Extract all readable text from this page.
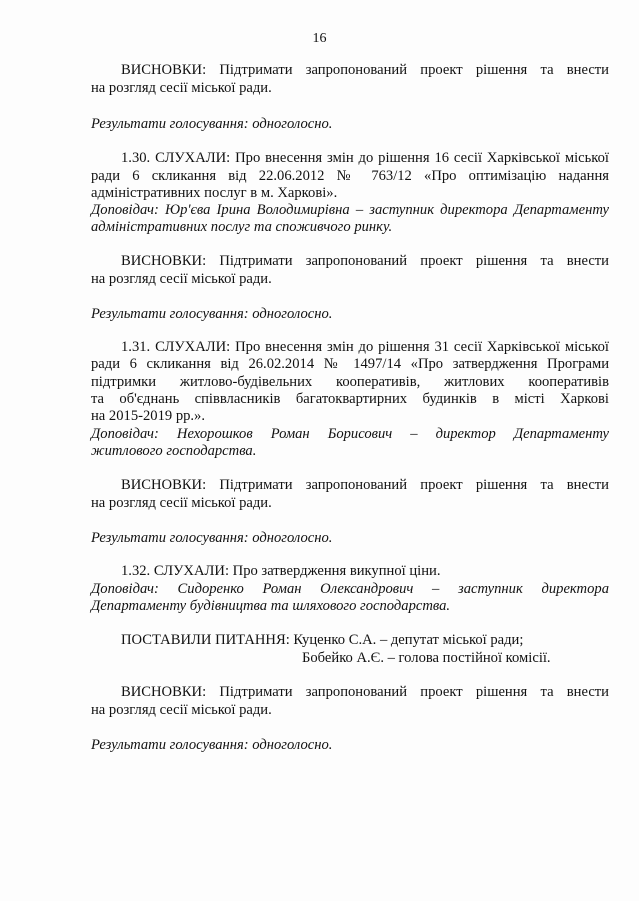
16
ВИСНОВКИ: Підтримати запропонований проект рішення та внести
на розгляд сесії міської ради.
Результати голосування: одноголосно.
1.30. СЛУХАЛИ: Про внесення змін до рішення 16 сесії Харківської міської
ради 6 скликання від 22.06.2012 № 763/12 «Про оптимізацію надання
адміністративних послуг в м. Харкові».
Доповідач: Юр'єва Ірина Володимирівна – заступник директора Департаменту
адміністративних послуг та споживчого ринку.
ВИСНОВКИ: Підтримати запропонований проект рішення та внести
на розгляд сесії міської ради.
Результати голосування: одноголосно.
1.31. СЛУХАЛИ: Про внесення змін до рішення 31 сесії Харківської міської
ради 6 скликання від 26.02.2014 № 1497/14 «Про затвердження Програми
підтримки житлово-будівельних кооперативів, житлових кооперативів
та об'єднань співвласників багатоквартирних будинків в місті Харкові
на 2015-2019 рр.».
Доповідач: Нехорошков Роман Борисович – директор Департаменту
житлового господарства.
ВИСНОВКИ: Підтримати запропонований проект рішення та внести
на розгляд сесії міської ради.
Результати голосування: одноголосно.
1.32. СЛУХАЛИ: Про затвердження викупної ціни.
Доповідач: Сидоренко Роман Олександрович – заступник директора
Департаменту будівництва та шляхового господарства.
ПОСТАВИЛИ ПИТАННЯ: Куценко С.А. – депутат міської ради;
Бобейко А.Є. – голова постійної комісії.
ВИСНОВКИ: Підтримати запропонований проект рішення та внести
на розгляд сесії міської ради.
Результати голосування: одноголосно.
